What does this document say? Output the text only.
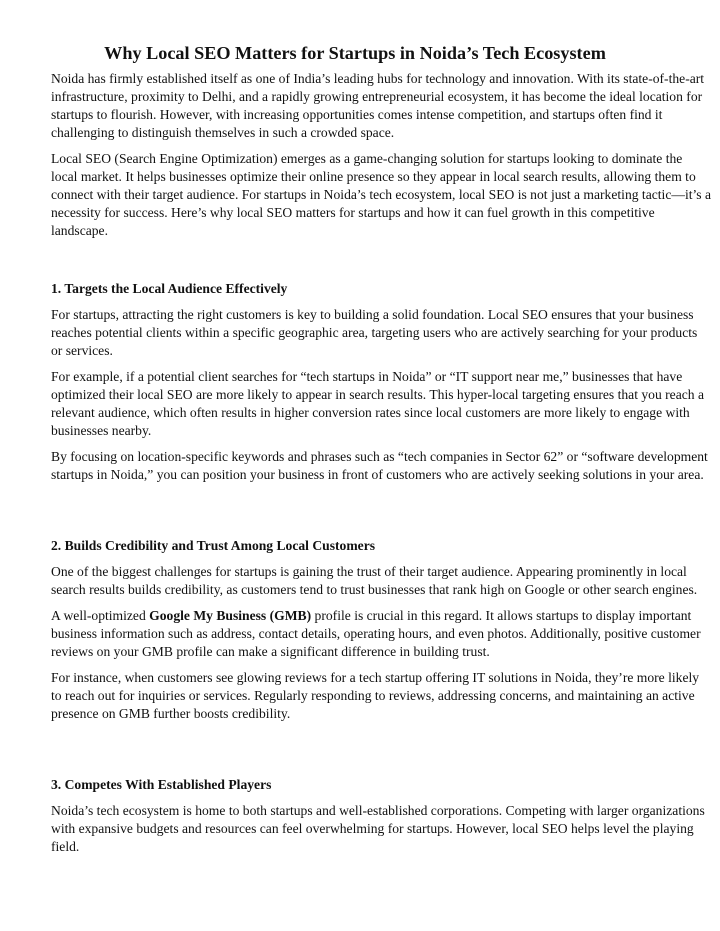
Why Local SEO Matters for Startups in Noida’s Tech Ecosystem

Noida has firmly established itself as one of India’s leading hubs for technology and innovation. With its state-of-the-art infrastructure, proximity to Delhi, and a rapidly growing entrepreneurial ecosystem, it has become the ideal location for startups to flourish. However, with increasing opportunities comes intense competition, and startups often find it challenging to distinguish themselves in such a crowded space.

Local SEO (Search Engine Optimization) emerges as a game-changing solution for startups looking to dominate the local market. It helps businesses optimize their online presence so they appear in local search results, allowing them to connect with their target audience. For startups in Noida’s tech ecosystem, local SEO is not just a marketing tactic—it’s a necessity for success. Here’s why local SEO matters for startups and how it can fuel growth in this competitive landscape.

1. Targets the Local Audience Effectively

For startups, attracting the right customers is key to building a solid foundation. Local SEO ensures that your business reaches potential clients within a specific geographic area, targeting users who are actively searching for your products or services.

For example, if a potential client searches for “tech startups in Noida” or “IT support near me,” businesses that have optimized their local SEO are more likely to appear in search results. This hyper-local targeting ensures that you reach a relevant audience, which often results in higher conversion rates since local customers are more likely to engage with businesses nearby.

By focusing on location-specific keywords and phrases such as “tech companies in Sector 62” or “software development startups in Noida,” you can position your business in front of customers who are actively seeking solutions in your area.

2. Builds Credibility and Trust Among Local Customers

One of the biggest challenges for startups is gaining the trust of their target audience. Appearing prominently in local search results builds credibility, as customers tend to trust businesses that rank high on Google or other search engines.

A well-optimized Google My Business (GMB) profile is crucial in this regard. It allows startups to display important business information such as address, contact details, operating hours, and even photos. Additionally, positive customer reviews on your GMB profile can make a significant difference in building trust.

For instance, when customers see glowing reviews for a tech startup offering IT solutions in Noida, they’re more likely to reach out for inquiries or services. Regularly responding to reviews, addressing concerns, and maintaining an active presence on GMB further boosts credibility.

3. Competes With Established Players

Noida’s tech ecosystem is home to both startups and well-established corporations. Competing with larger organizations with expansive budgets and resources can feel overwhelming for startups. However, local SEO helps level the playing field.
